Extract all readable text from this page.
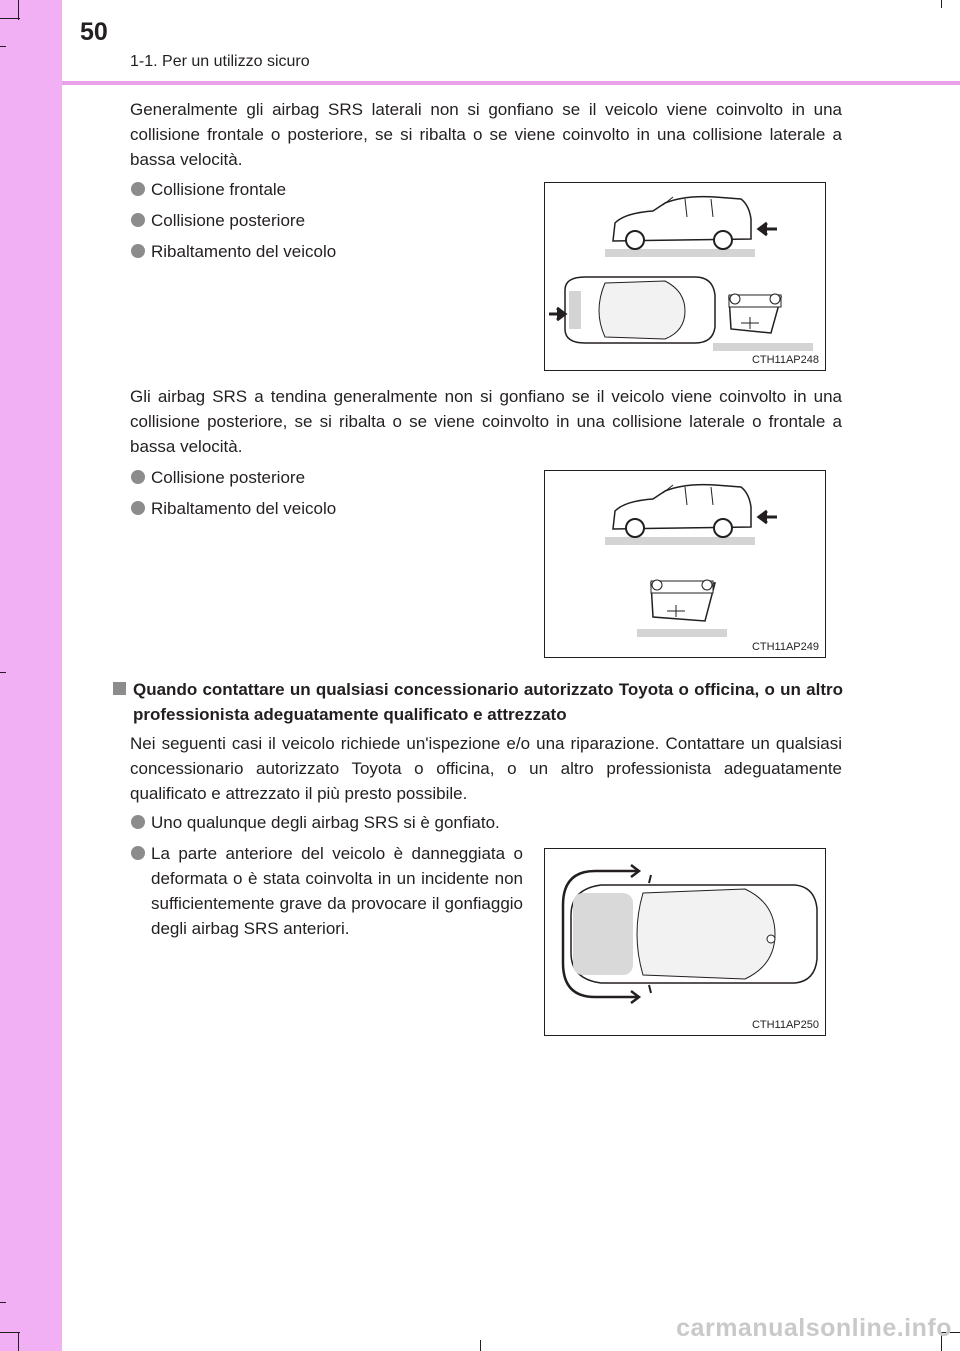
50
1-1. Per un utilizzo sicuro
Generalmente gli airbag SRS laterali non si gonfiano se il veicolo viene coinvolto in una collisione frontale o posteriore, se si ribalta o se viene coinvolto in una collisione laterale a bassa velocità.
Collisione frontale
Collisione posteriore
Ribaltamento del veicolo
CTH11AP248
Gli airbag SRS a tendina generalmente non si gonfiano se il veicolo viene coinvolto in una collisione posteriore, se si ribalta o se viene coinvolto in una collisione laterale o frontale a bassa velocità.
Collisione posteriore
Ribaltamento del veicolo
CTH11AP249
Quando contattare un qualsiasi concessionario autorizzato Toyota o officina, o un altro professionista adeguatamente qualificato e attrezzato
Nei seguenti casi il veicolo richiede un'ispezione e/o una riparazione. Contattare un qualsiasi concessionario autorizzato Toyota o officina, o un altro professionista adeguatamente qualificato e attrezzato il più presto possibile.
Uno qualunque degli airbag SRS si è gonfiato.
La parte anteriore del veicolo è danneggiata o deformata o è stata coinvolta in un incidente non sufficientemente grave da provocare il gonfiaggio degli airbag SRS anteriori.
CTH11AP250
carmanualsonline.info
